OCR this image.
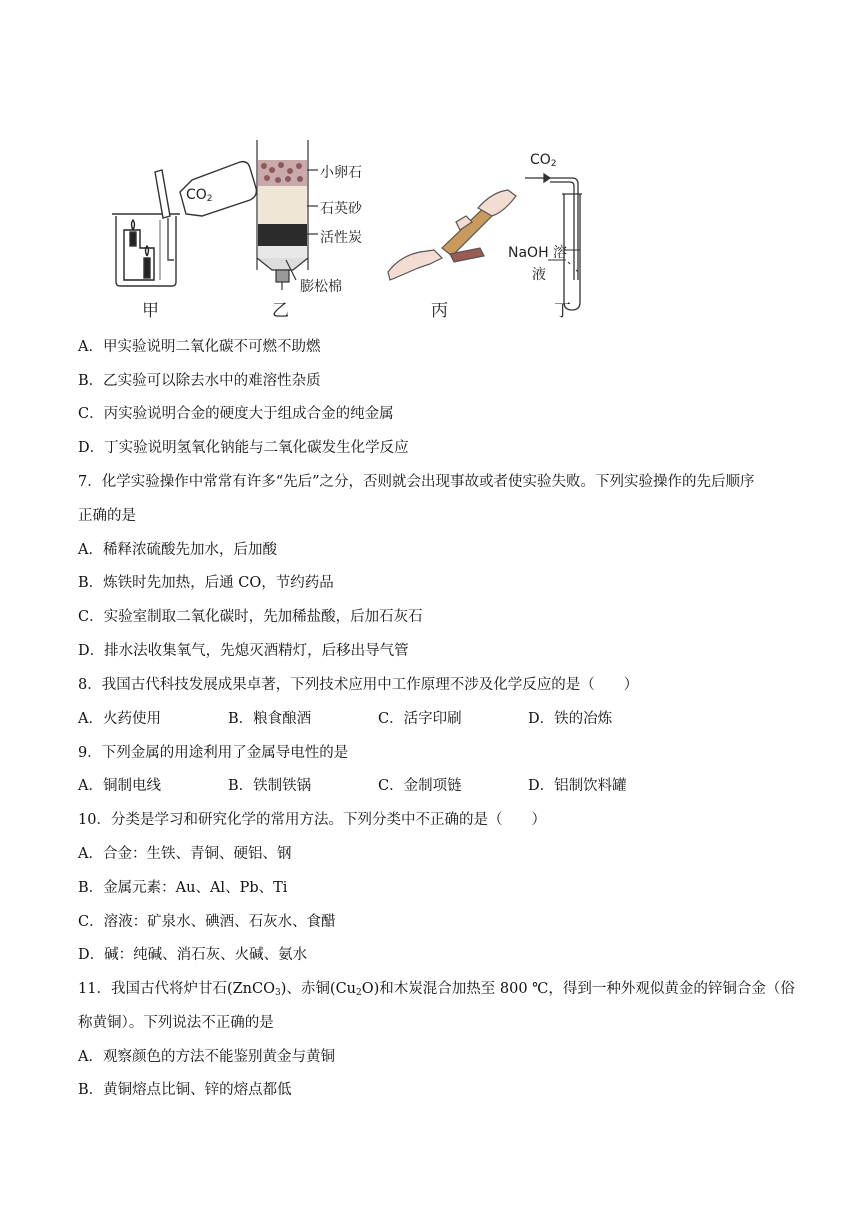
$CO_2$
小卵石
石英砂
活性炭
膨松棉
$CO_2$
NaOH 溶
液
甲	乙	丙	丁
A．甲实验说明二氧化碳不可燃不助燃
B．乙实验可以除去水中的难溶性杂质
C．丙实验说明合金的硬度大于组成合金的纯金属
D．丁实验说明氢氧化钠能与二氧化碳发生化学反应
7．化学实验操作中常常有许多“先后”之分，否则就会出现事故或者使实验失败。下列实验操作的先后顺序
正确的是
A．稀释浓硫酸先加水，后加酸
B．炼铁时先加热，后通 CO，节约药品
C．实验室制取二氧化碳时，先加稀盐酸，后加石灰石
D．排水法收集氧气，先熄灭酒精灯，后移出导气管
8．我国古代科技发展成果卓著，下列技术应用中工作原理不涉及化学反应的是（　　）
A．火药使用	B．粮食酿酒	C．活字印刷	D．铁的冶炼
9．下列金属的用途利用了金属导电性的是
A．铜制电线	B．铁制铁锅	C．金制项链	D．铝制饮料罐
10．分类是学习和研究化学的常用方法。下列分类中不正确的是（　　）
A．合金：生铁、青铜、硬铝、钢
B．金属元素：Au、Al、Pb、Ti
C．溶液：矿泉水、碘酒、石灰水、食醋
D．碱：纯碱、消石灰、火碱、氨水
11．我国古代将炉甘石(ZnCO$_3$)、赤铜$(Cu_2O)$和木炭混合加热至 800 ℃，得到一种外观似黄金的锌铜合金（俗
称黄铜）。下列说法不正确的是
A．观察颜色的方法不能鉴别黄金与黄铜
B．黄铜熔点比铜、锌的熔点都低
